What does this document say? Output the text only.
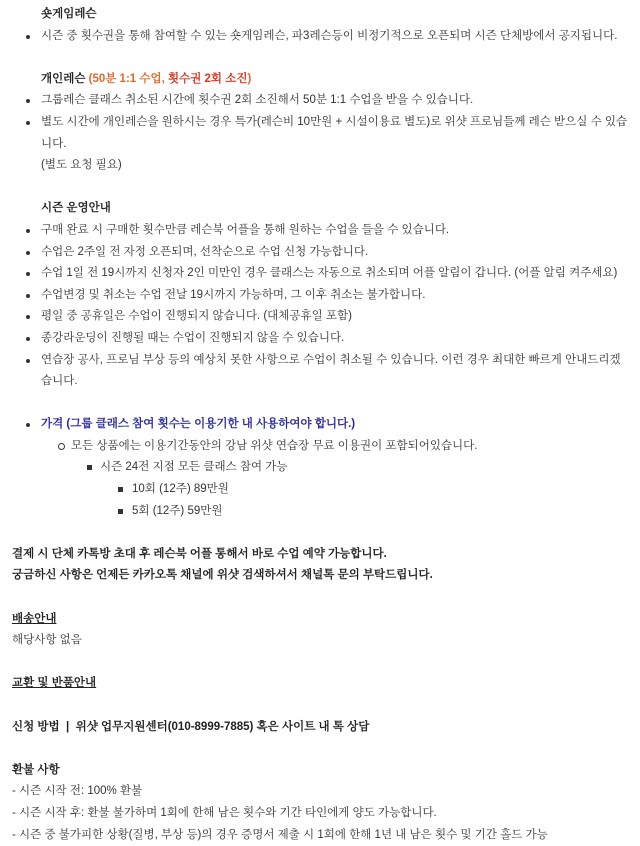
숏게임레슨
시즌 중 횟수권을 통해 참여할 수 있는 숏게임레슨, 파3레슨등이 비정기적으로 오픈되며 시즌 단체방에서 공지됩니다.
개인레슨 (50분 1:1 수업, 횟수권 2회 소진)
그룹레슨 클래스 취소된 시간에 횟수권 2회 소진해서 50분 1:1 수업을 받을 수 있습니다.
별도 시간에 개인레슨을 원하시는 경우 특가(레슨비 10만원 + 시설이용료 별도)로 위샷 프로님들께 레슨 받으실 수 있습니다.
(별도 요청 필요)
시즌 운영안내
구매 완료 시 구매한 횟수만큼 레슨북 어플을 통해 원하는 수업을 들을 수 있습니다.
수업은 2주일 전 자정 오픈되며, 선착순으로 수업 신청 가능합니다.
수업 1일 전 19시까지 신청자 2인 미만인 경우 클래스는 자동으로 취소되며 어플 알림이 갑니다. (어플 알림 켜주세요)
수업변경 및 취소는 수업 전날 19시까지 가능하며, 그 이후 취소는 불가합니다.
평일 중 공휴일은 수업이 진행되지 않습니다. (대체공휴일 포함)
종강라운딩이 진행될 때는 수업이 진행되지 않을 수 있습니다.
연습장 공사, 프로님 부상 등의 예상치 못한 사항으로 수업이 취소될 수 있습니다. 이런 경우 최대한 빠르게 안내드리겠습니다.
가격 (그룹 클래스 참여 횟수는 이용기한 내 사용하여야 합니다.)
모든 상품에는 이용기간동안의 강남 위샷 연습장 무료 이용권이 포함되어있습니다.
시즌 24전 지점 모든 클래스 참여 가능
10회 (12주) 89만원
5회 (12주) 59만원
결제 시 단체 카톡방 초대 후 레슨북 어플 통해서 바로 수업 예약 가능합니다.
궁금하신 사항은 언제든 카카오톡 채널에 위샷 검색하셔서 채널톡 문의 부탁드립니다.
배송안내
해당사항 없음
교환 및 반품안내
신청 방법  |  위샷 업무지원센터(010-8999-7885) 혹은 사이트 내 톡 상담
환불 사항
- 시즌 시작 전: 100% 환불
- 시즌 시작 후: 환불 불가하며 1회에 한해 남은 횟수와 기간 타인에게 양도 가능합니다.
- 시즌 중 불가피한 상황(질병, 부상 등)의 경우 증명서 제출 시 1회에 한해 1년 내 남은 횟수 및 기간 홀드 가능
